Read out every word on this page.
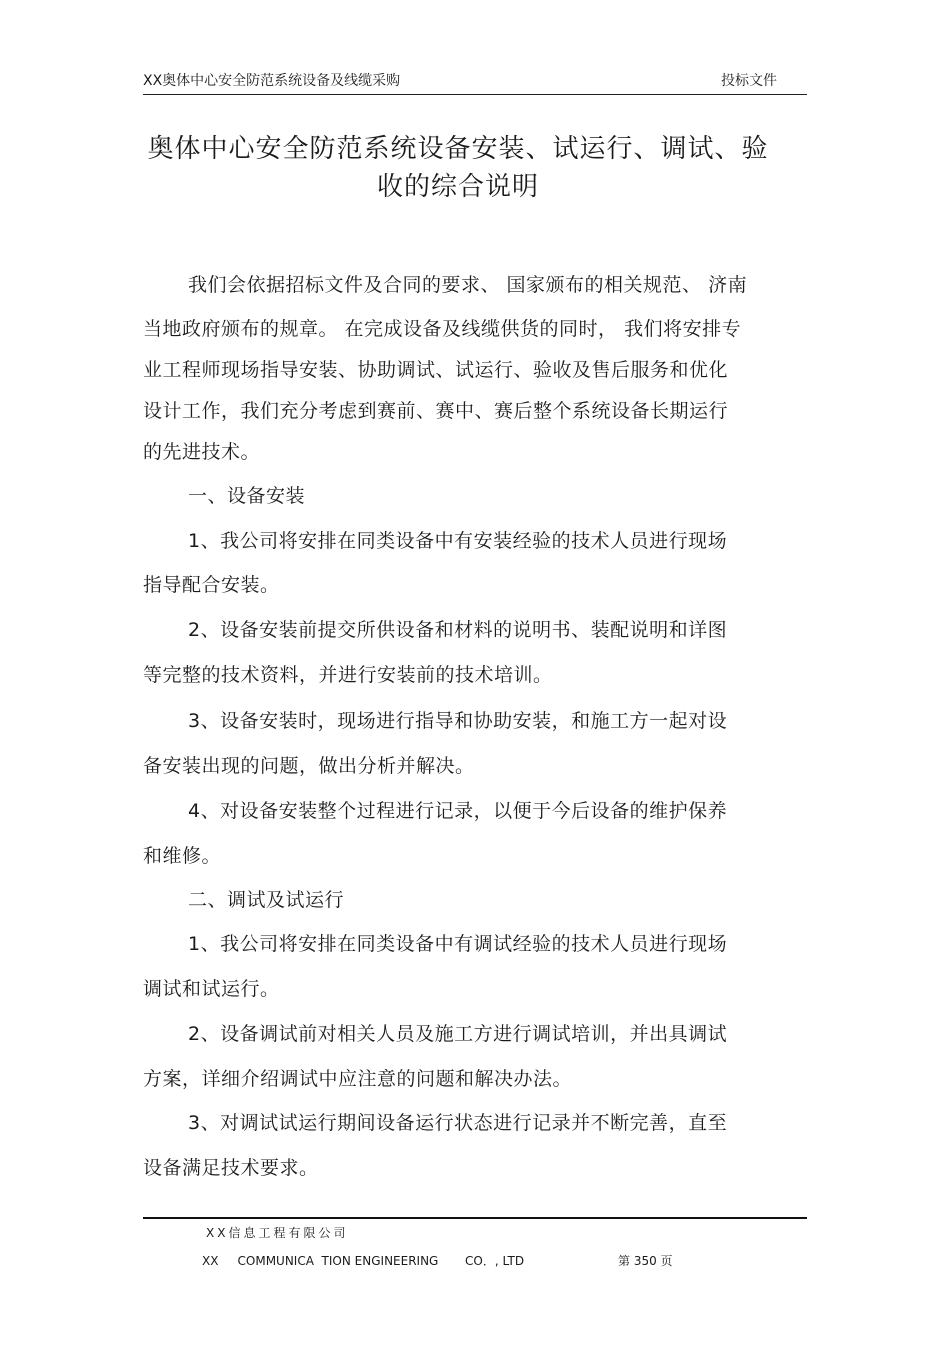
XX奥体中心安全防范系统设备及线缆采购	投标文件
奥体中心安全防范系统设备安装、试运行、调试、验
收的综合说明
我们会依据招标文件及合同的要求、 国家颁布的相关规范、 济南
当地政府颁布的规章。 在完成设备及线缆供货的同时， 我们将安排专
业工程师现场指导安装、协助调试、试运行、验收及售后服务和优化
设计工作，我们充分考虑到赛前、赛中、赛后整个系统设备长期运行
的先进技术。
一、设备安装
1、我公司将安排在同类设备中有安装经验的技术人员进行现场
指导配合安装。
2、设备安装前提交所供设备和材料的说明书、装配说明和详图
等完整的技术资料，并进行安装前的技术培训。
3、设备安装时，现场进行指导和协助安装，和施工方一起对设
备安装出现的问题，做出分析并解决。
4、对设备安装整个过程进行记录，以便于今后设备的维护保养
和维修。
二、调试及试运行
1、我公司将安排在同类设备中有调试经验的技术人员进行现场
调试和试运行。
2、设备调试前对相关人员及施工方进行调试培训，并出具调试
方案，详细介绍调试中应注意的问题和解决办法。
3、对调试试运行期间设备运行状态进行记录并不断完善，直至
设备满足技术要求。
XX信息工程有限公司
XX     COMMUNICA  TION ENGINEERING       CO．, LTD	第 350 页
